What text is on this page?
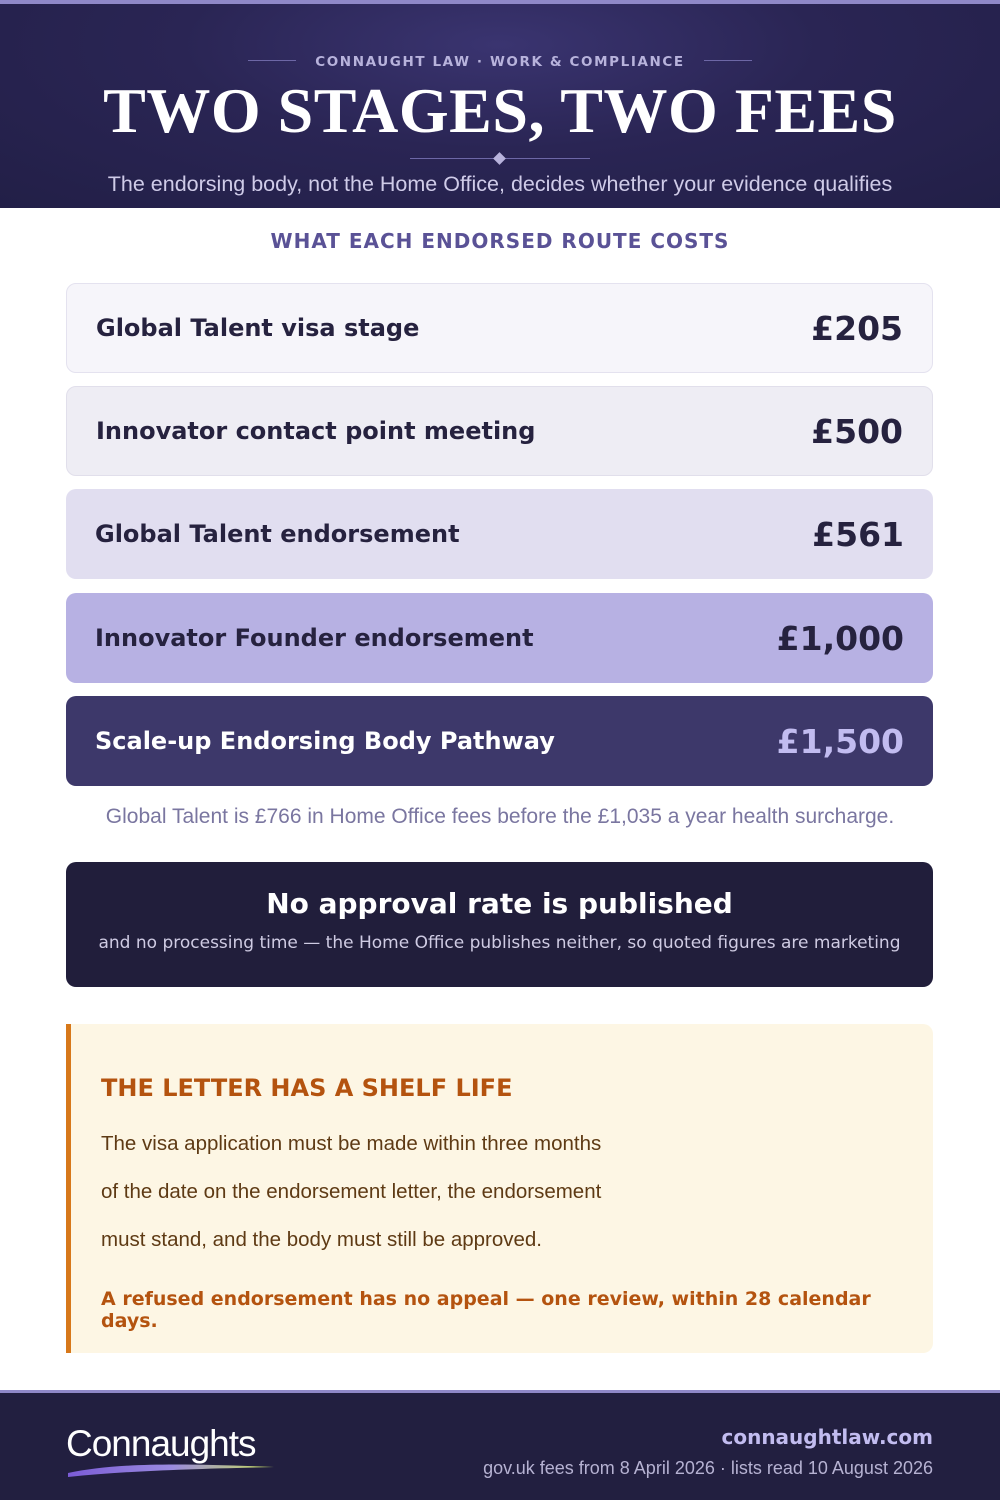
CONNAUGHT LAW · WORK & COMPLIANCE
TWO STAGES, TWO FEES

The endorsing body, not the Home Office, decides whether your evidence qualifies

WHAT EACH ENDORSED ROUTE COSTS
Global Talent visa stage	£205
Innovator contact point meeting	£500
Global Talent endorsement	£561
Innovator Founder endorsement	£1,000
Scale-up Endorsing Body Pathway	£1,500

Global Talent is £766 in Home Office fees before the £1,035 a year health surcharge.

No approval rate is published
and no processing time — the Home Office publishes neither, so quoted figures are marketing
THE LETTER HAS A SHELF LIFE
The visa application must be made within three months
of the date on the endorsement letter, the endorsement
must stand, and the body must still be approved.
A refused endorsement has no appeal — one review, within 28 calendar days.
Connaughts	connaughtlaw.com
gov.uk fees from 8 April 2026 · lists read 10 August 2026
